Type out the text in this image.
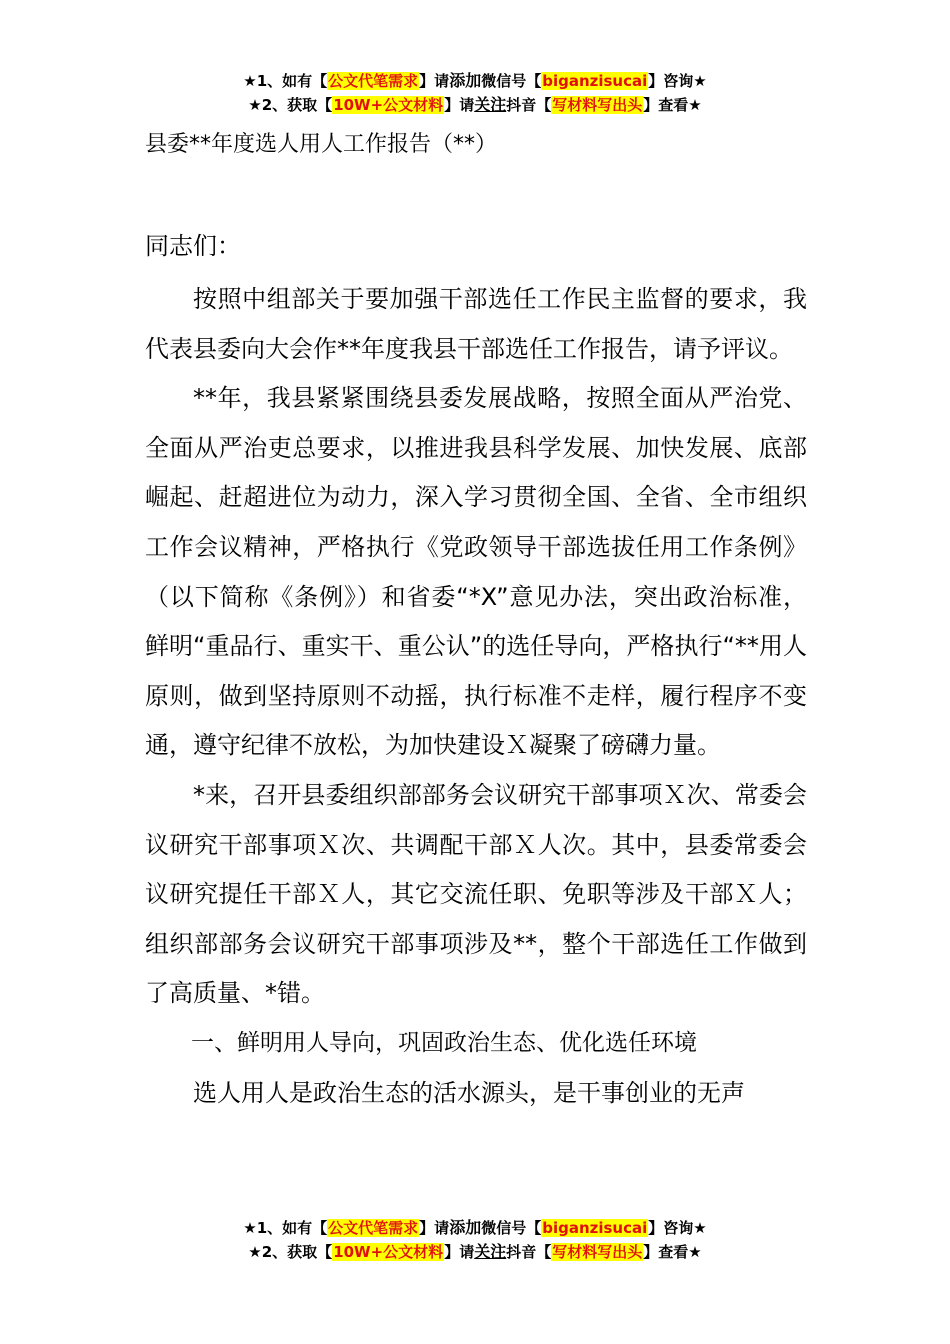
★1、如有【公文代笔需求】请添加微信号【biganzisucai】咨询★
★2、获取【10W+公文材料】请关注抖音【写材料写出头】查看★
县委**年度选人用人工作报告（**）
同志们：

按照中组部关于要加强干部选任工作民主监督的要求，我代表县委向大会作**年度我县干部选任工作报告，请予评议。

**年，我县紧紧围绕县委发展战略，按照全面从严治党、全面从严治吏总要求，以推进我县科学发展、加快发展、底部崛起、赶超进位为动力，深入学习贯彻全国、全省、全市组织工作会议精神，严格执行《党政领导干部选拔任用工作条例》（以下简称《条例》）和省委“*X”意见办法，突出政治标准，鲜明“重品行、重实干、重公认”的选任导向，严格执行“**用人原则，做到坚持原则不动摇，执行标准不走样，履行程序不变通，遵守纪律不放松，为加快建设Ｘ凝聚了磅礴力量。

*来，召开县委组织部部务会议研究干部事项Ｘ次、常委会议研究干部事项Ｘ次、共调配干部Ｘ人次。其中，县委常委会议研究提任干部Ｘ人，其它交流任职、免职等涉及干部Ｘ人；组织部部务会议研究干部事项涉及**，整个干部选任工作做到了高质量、*错。

一、鲜明用人导向，巩固政治生态、优化选任环境

选人用人是政治生态的活水源头，是干事创业的无声

★1、如有【公文代笔需求】请添加微信号【biganzisucai】咨询★
★2、获取【10W+公文材料】请关注抖音【写材料写出头】查看★
